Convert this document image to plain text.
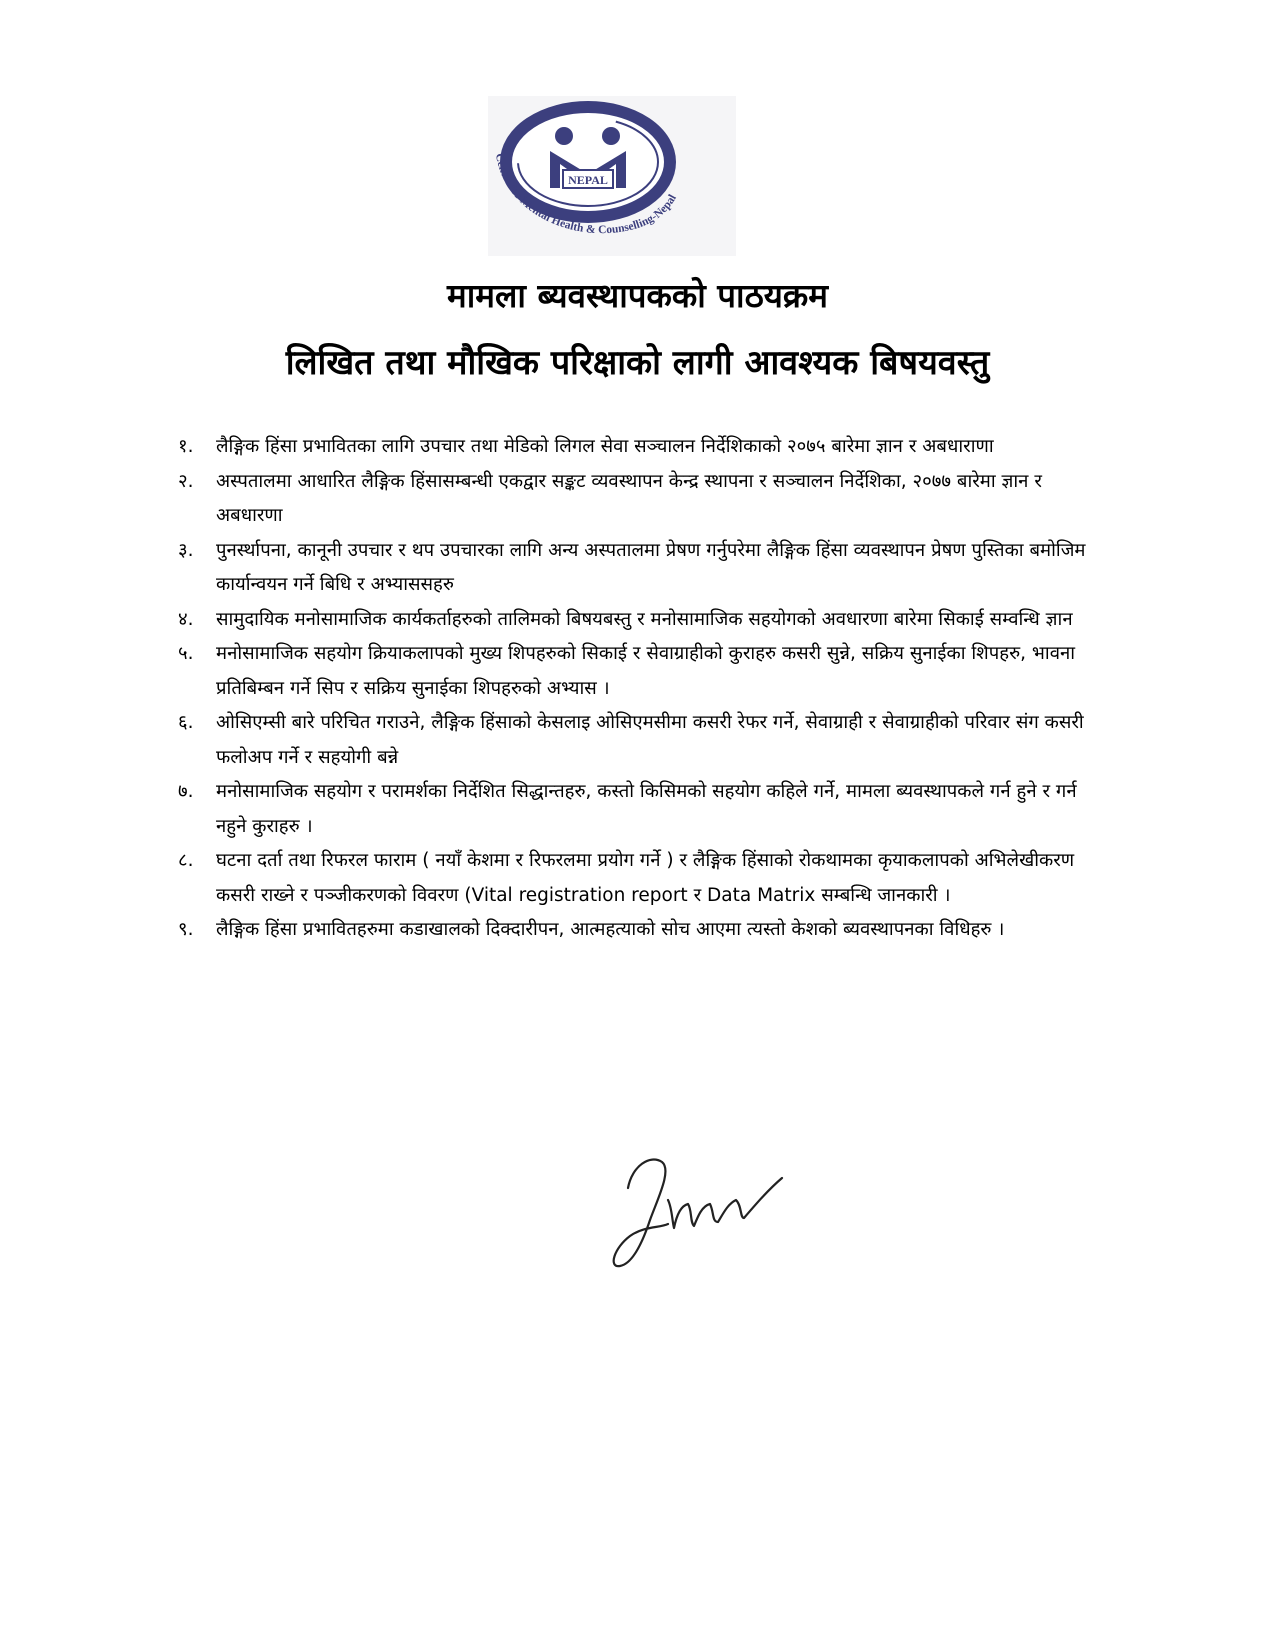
NEPAL
Centre for Mental Health & Counselling-Nepal
मामला ब्यवस्थापकको पाठयक्रम
लिखित तथा मौखिक परिक्षाको लागी आवश्यक बिषयवस्तु
१.	लैङ्गिक हिंसा प्रभावितका लागि उपचार तथा मेडिको लिगल सेवा सञ्चालन निर्देशिकाको २०७५ बारेमा ज्ञान र अबधाराणा
२.	अस्पतालमा आधारित लैङ्गिक हिंसासम्बन्धी एकद्वार सङ्कट व्यवस्थापन केन्द्र स्थापना र सञ्चालन निर्देशिका, २०७७ बारेमा ज्ञान र अबधारणा
३.	पुनर्स्थापना, कानूनी उपचार र थप उपचारका लागि अन्य अस्पतालमा प्रेषण गर्नुपरेमा लैङ्गिक हिंसा व्यवस्थापन प्रेषण पुस्तिका बमोजिम कार्यान्वयन गर्ने बिधि र अभ्याससहरु
४.	सामुदायिक मनोसामाजिक कार्यकर्ताहरुको तालिमको बिषयबस्तु र मनोसामाजिक सहयोगको अवधारणा बारेमा सिकाई सम्वन्धि ज्ञान
५.	मनोसामाजिक सहयोग क्रियाकलापको मुख्य शिपहरुको सिकाई र सेवाग्राहीको कुराहरु कसरी सुन्ने, सक्रिय सुनाईका शिपहरु, भावना प्रतिबिम्बन गर्ने सिप र सक्रिय सुनाईका शिपहरुको अभ्यास ।
६.	ओसिएम्सी बारे परिचित गराउने, लैङ्गिक हिंसाको केसलाइ ओसिएमसीमा कसरी रेफर गर्ने, सेवाग्राही र सेवाग्राहीको परिवार संग कसरी फलोअप गर्ने र सहयोगी बन्ने
७.	मनोसामाजिक सहयोग र परामर्शका निर्देशित सिद्धान्तहरु, कस्तो किसिमको सहयोग कहिले गर्ने, मामला ब्यवस्थापकले गर्न हुने र गर्न नहुने कुराहरु ।
८.	घटना दर्ता तथा रिफरल फाराम ( नयाँ केशमा र रिफरलमा प्रयोग गर्ने ) र लैङ्गिक हिंसाको रोकथामका कृयाकलापको अभिलेखीकरण कसरी राख्ने र पञ्जीकरणको विवरण (Vital registration report र Data Matrix सम्बन्धि जानकारी ।
९.	लैङ्गिक हिंसा प्रभावितहरुमा कडाखालको दिक्दारीपन, आत्महत्याको सोच आएमा त्यस्तो केशको ब्यवस्थापनका विधिहरु ।
